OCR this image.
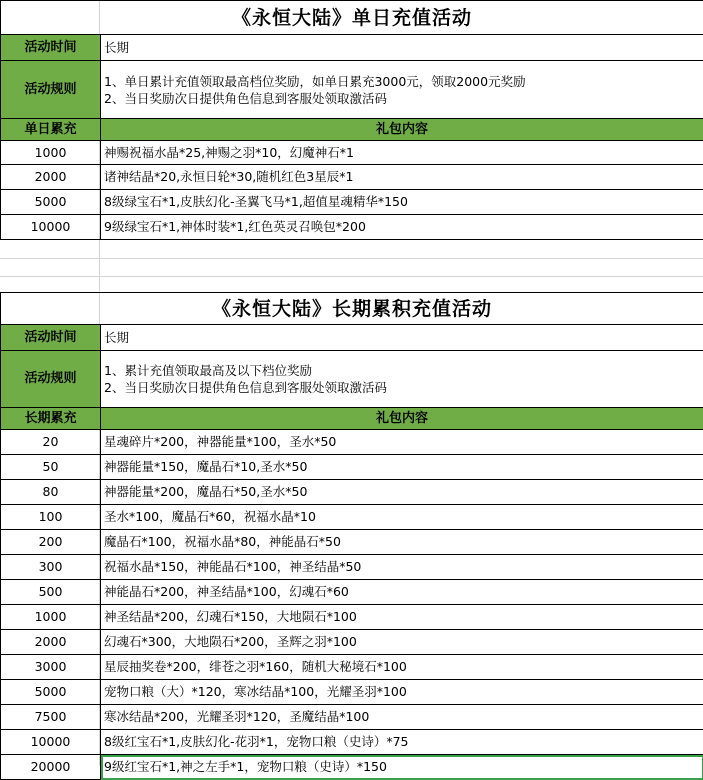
《永恒大陆》单日充值活动	
活动时间	长期
活动规则	1、单日累计充值领取最高档位奖励，如单日累充3000元，领取2000元奖励
2、当日奖励次日提供角色信息到客服处领取激活码

单日累充	礼包内容
1000	神赐祝福水晶*25,神赐之羽*10，幻魔神石*1
2000	诸神结晶*20,永恒日轮*30,随机红色3星辰*1
5000	8级绿宝石*1,皮肤幻化-圣翼飞马*1,超值星魂精华*150
10000	9级绿宝石*1,神体时装*1,红色英灵召唤包*200
《永恒大陆》长期累积充值活动	
活动时间	长期
活动规则	1、累计充值领取最高及以下档位奖励
2、当日奖励次日提供角色信息到客服处领取激活码

长期累充	礼包内容
20	星魂碎片*200，神器能量*100，圣水*50
50	神器能量*150，魔晶石*10,圣水*50
80	神器能量*200，魔晶石*50,圣水*50
100	圣水*100，魔晶石*60，祝福水晶*10
200	魔晶石*100，祝福水晶*80，神能晶石*50
300	祝福水晶*150，神能晶石*100，神圣结晶*50
500	神能晶石*200，神圣结晶*100，幻魂石*60
1000	神圣结晶*200，幻魂石*150，大地陨石*100
2000	幻魂石*300，大地陨石*200，圣辉之羽*100
3000	星辰抽奖卷*200，绯苍之羽*160，随机大秘境石*100
5000	宠物口粮（大）*120，寒冰结晶*100，光耀圣羽*100
7500	寒冰结晶*200，光耀圣羽*120，圣魔结晶*100
10000	8级红宝石*1,皮肤幻化-花羽*1，宠物口粮（史诗）*75
20000	9级红宝石*1,神之左手*1，宠物口粮（史诗）*150
